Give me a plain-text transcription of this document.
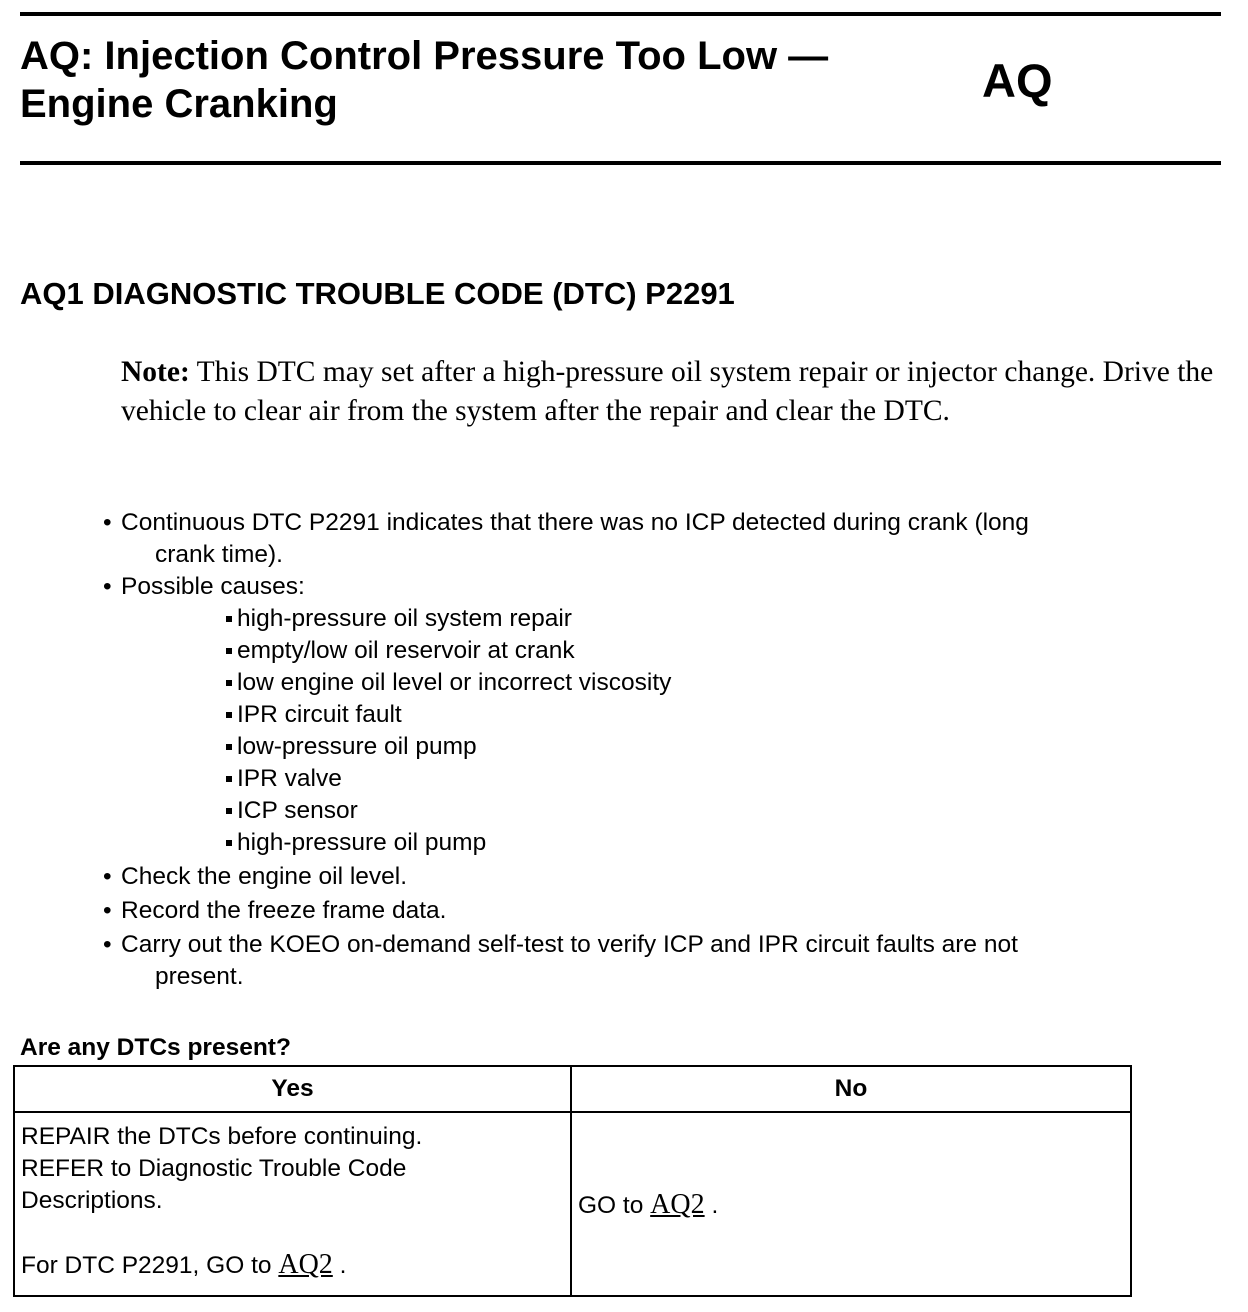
AQ: Injection Control Pressure Too Low —
Engine Cranking	AQ
AQ1 DIAGNOSTIC TROUBLE CODE (DTC) P2291

Note: This DTC may set after a high-pressure oil system repair or injector change. Drive the vehicle to clear air from the system after the repair and clear the DTC.

• Continuous DTC P2291 indicates that there was no ICP detected during crank (long
crank time).
• Possible causes:
high-pressure oil system repair
empty/low oil reservoir at crank
low engine oil level or incorrect viscosity
IPR circuit fault
low-pressure oil pump
IPR valve
ICP sensor
high-pressure oil pump
• Check the engine oil level.
• Record the freeze frame data.
• Carry out the KOEO on-demand self-test to verify ICP and IPR circuit faults are not
present.

Are any DTCs present?

Yes	No
REPAIR the DTCs before continuing.
REFER to Diagnostic Trouble Code
Descriptions.
For DTC P2291, GO to AQ2 .	GO to AQ2 .
